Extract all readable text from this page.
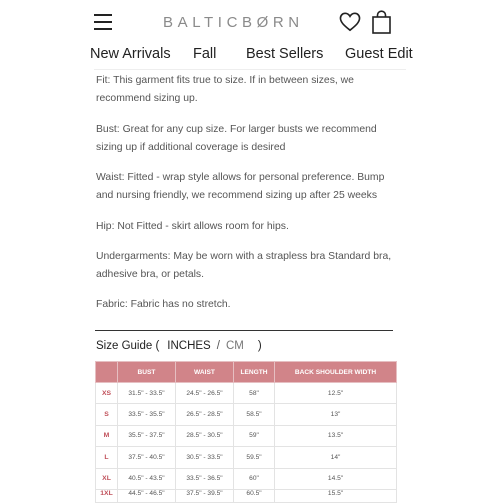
BALTICBØRN
New Arrivals Fall Best Sellers Guest Edit

Fit: This garment fits true to size. If in between sizes, we recommend sizing up.

Bust: Great for any cup size. For larger busts we recommend sizing up if additional coverage is desired

Waist: Fitted - wrap style allows for personal preference. Bump and nursing friendly, we recommend sizing up after 25 weeks

Hip: Not Fitted - skirt allows room for hips.

Undergarments: May be worn with a strapless bra Standard bra, adhesive bra, or petals.

Fabric: Fabric has no stretch.

Size Guide ( INCHES / CM )
	BUST	WAIST	LENGTH	BACK SHOULDER WIDTH
XS	31.5" - 33.5"	24.5" - 26.5"	58"	12.5"
S	33.5" - 35.5"	26.5" - 28.5"	58.5"	13"
M	35.5" - 37.5"	28.5" - 30.5"	59"	13.5"
L	37.5" - 40.5"	30.5" - 33.5"	59.5"	14"
XL	40.5" - 43.5"	33.5" - 36.5"	60"	14.5"
1XL	44.5" - 46.5"	37.5" - 39.5"	60.5"	15.5"
